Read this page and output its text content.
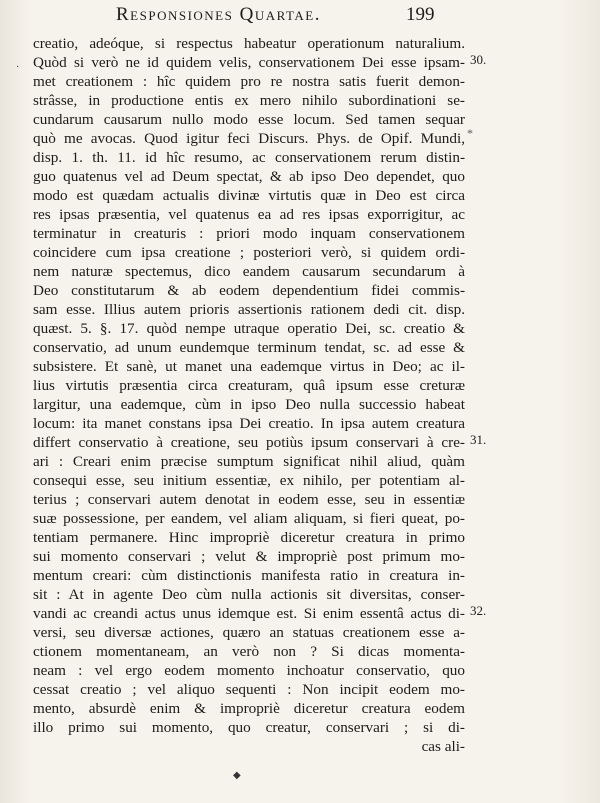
Responsiones Quartae.	199
creatio, adeóque, si respectus habeatur operationum naturalium.
Quòd si verò ne id quidem velis, conservationem Dei esse ipsam-
met creationem : hîc quidem pro re nostra satis fuerit demon-
strâsse, in productione entis ex mero nihilo subordinationi se-
cundarum causarum nullo modo esse locum. Sed tamen sequar
quò me avocas. Quod igitur feci Discurs. Phys. de Opif. Mundi,
disp. 1. th. 11. id hîc resumo, ac conservationem rerum distin-
guo quatenus vel ad Deum spectat, & ab ipso Deo dependet, quo
modo est quædam actualis divinæ virtutis quæ in Deo est circa
res ipsas præsentia, vel quatenus ea ad res ipsas exporrigitur, ac
terminatur in creaturis : priori modo inquam conservationem
coincidere cum ipsa creatione ; posteriori verò, si quidem ordi-
nem naturæ spectemus, dico eandem causarum secundarum à
Deo constitutarum & ab eodem dependentium fidei commis-
sam esse. Illius autem prioris assertionis rationem dedi cit. disp.
quæst. 5. §. 17. quòd nempe utraque operatio Dei, sc. creatio &
conservatio, ad unum eundemque terminum tendat, sc. ad esse &
subsistere. Et sanè, ut manet una eademque virtus in Deo; ac il-
lius virtutis præsentia circa creaturam, quâ ipsum esse creturæ
largitur, una eademque, cùm in ipso Deo nulla successio habeat
locum: ita manet constans ipsa Dei creatio. In ipsa autem creatura
differt conservatio à creatione, seu potiùs ipsum conservari à cre-
ari : Creari enim præcise sumptum significat nihil aliud, quàm
consequi esse, seu initium essentiæ, ex nihilo, per potentiam al-
terius ; conservari autem denotat in eodem esse, seu in essentiæ
suæ possessione, per eandem, vel aliam aliquam, si fieri queat, po-
tentiam permanere. Hinc impropriè diceretur creatura in primo
sui momento conservari ; velut & impropriè post primum mo-
mentum creari: cùm distinctionis manifesta ratio in creatura in-
sit : At in agente Deo cùm nulla actionis sit diversitas, conser-
vandi ac creandi actus unus idemque est. Si enim essentâ actus di-
versi, seu diversæ actiones, quæro an statuas creationem esse a-
ctionem momentaneam, an verò non ? Si dicas momenta-
neam : vel ergo eodem momento inchoatur conservatio, quo
cessat creatio ; vel aliquo sequenti : Non incipit eodem mo-
mento, absurdè enim & impropriè diceretur creatura eodem
illo primo sui momento, quo creatur, conservari ; si di-
cas ali-
30.
31.
32.
*
·
◆
